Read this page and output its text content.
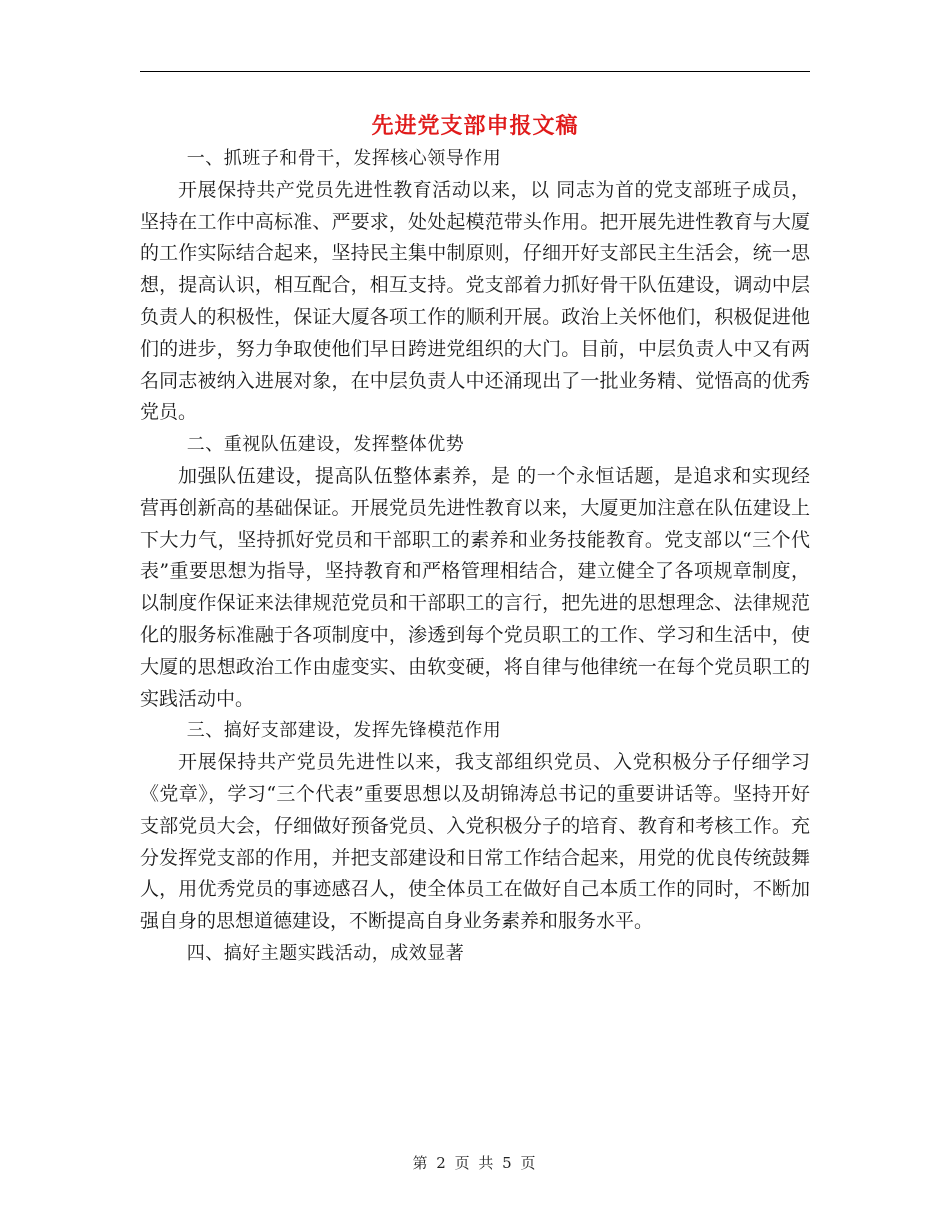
先进党支部申报文稿

一、抓班子和骨干，发挥核心领导作用

开展保持共产党员先进性教育活动以来，以 同志为首的党支部班子成员，坚持在工作中高标准、严要求，处处起模范带头作用。把开展先进性教育与大厦的工作实际结合起来，坚持民主集中制原则，仔细开好支部民主生活会，统一思想，提高认识，相互配合，相互支持。党支部着力抓好骨干队伍建设，调动中层负责人的积极性，保证大厦各项工作的顺利开展。政治上关怀他们，积极促进他们的进步，努力争取使他们早日跨进党组织的大门。目前，中层负责人中又有两名同志被纳入进展对象，在中层负责人中还涌现出了一批业务精、觉悟高的优秀党员。

二、重视队伍建设，发挥整体优势

加强队伍建设，提高队伍整体素养，是 的一个永恒话题，是追求和实现经营再创新高的基础保证。开展党员先进性教育以来，大厦更加注意在队伍建设上下大力气，坚持抓好党员和干部职工的素养和业务技能教育。党支部以“三个代表”重要思想为指导，坚持教育和严格管理相结合，建立健全了各项规章制度，以制度作保证来法律规范党员和干部职工的言行，把先进的思想理念、法律规范化的服务标准融于各项制度中，渗透到每个党员职工的工作、学习和生活中，使大厦的思想政治工作由虚变实、由软变硬，将自律与他律统一在每个党员职工的实践活动中。

三、搞好支部建设，发挥先锋模范作用

开展保持共产党员先进性以来，我支部组织党员、入党积极分子仔细学习《党章》，学习“三个代表”重要思想以及胡锦涛总书记的重要讲话等。坚持开好支部党员大会，仔细做好预备党员、入党积极分子的培育、教育和考核工作。充分发挥党支部的作用，并把支部建设和日常工作结合起来，用党的优良传统鼓舞人，用优秀党员的事迹感召人，使全体员工在做好自己本质工作的同时，不断加强自身的思想道德建设，不断提高自身业务素养和服务水平。

四、搞好主题实践活动，成效显著

第 2 页 共 5 页
